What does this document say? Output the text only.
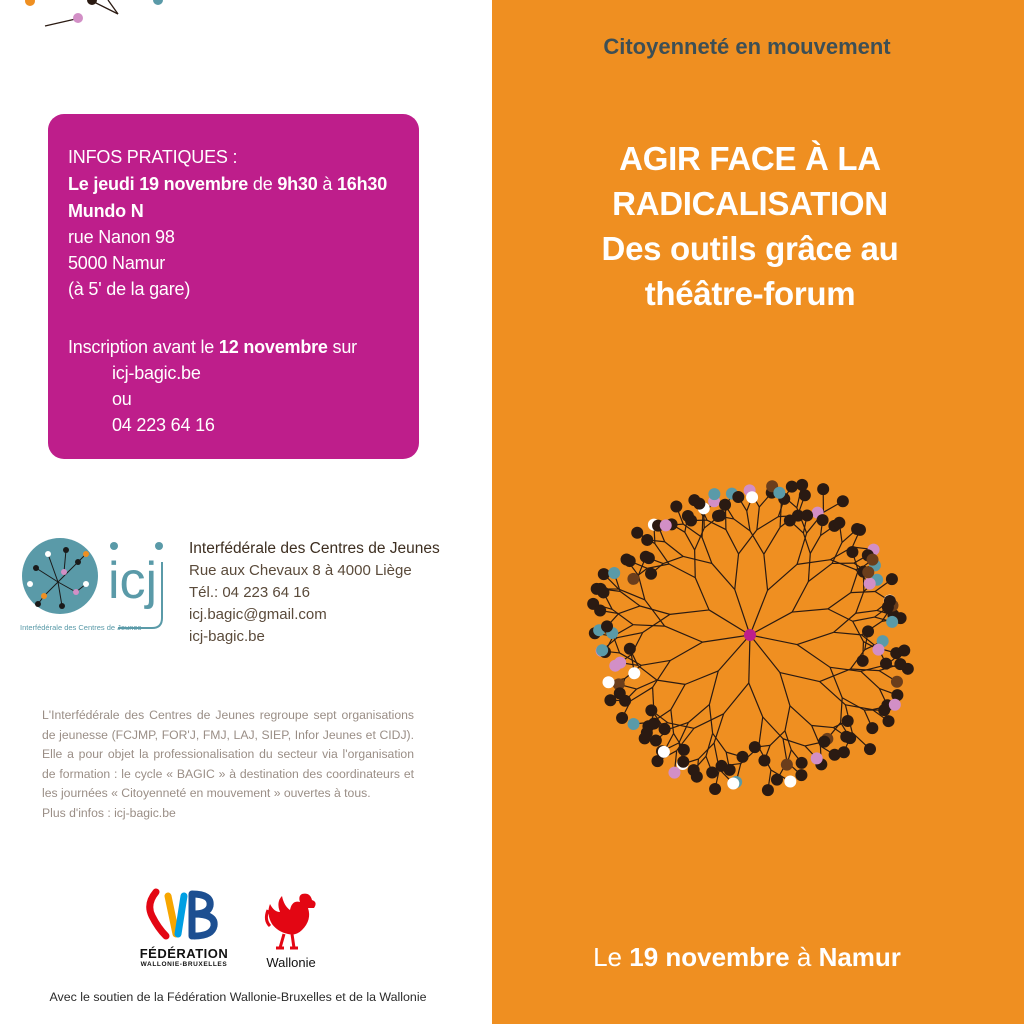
INFOS PRATIQUES :
Le jeudi 19 novembre de 9h30 à 16h30
Mundo N
rue Nanon 98
5000 Namur
(à 5' de la gare)
Inscription avant le 12 novembre sur
icj-bagic.be
ou
04 223 64 16
icj
Interfédérale des Centres de Jeunes
Interfédérale des Centres de Jeunes
Rue aux Chevaux 8 à 4000 Liège
Tél.: 04 223 64 16
icj.bagic@gmail.com
icj-bagic.be

L'Interfédérale des Centres de Jeunes regroupe sept organisations de jeunesse (FCJMP, FOR'J, FMJ, LAJ, SIEP, Infor Jeunes et CIDJ). Elle a pour objet la professionalisation du secteur via l'organisation de formation : le cycle « BAGIC » à destination des coordinateurs et les journées « Citoyenneté en mouvement » ouvertes à tous.

Plus d'infos : icj-bagic.be

FÉDÉRATION
WALLONIE-BRUXELLES	Wallonie
Avec le soutien de la Fédération Wallonie-Bruxelles et de la Wallonie
Citoyenneté en mouvement
AGIR FACE À LA
RADICALISATION
Des outils grâce au
théâtre-forum
Le 19 novembre à Namur
